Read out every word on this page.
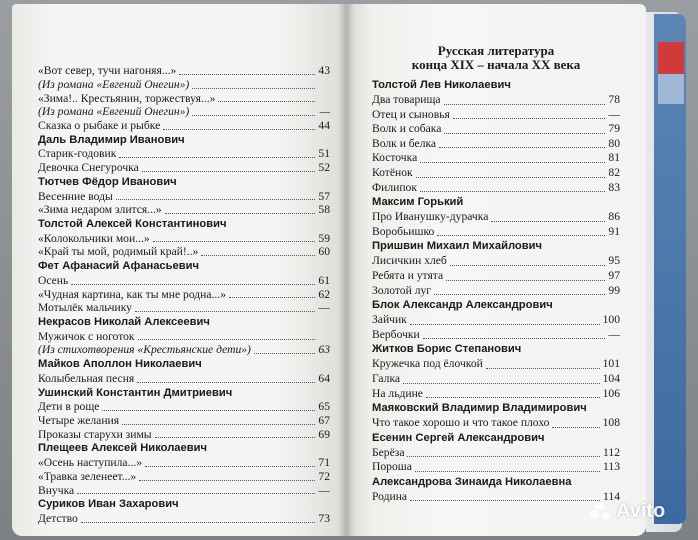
«Вот север, тучи нагоняя...»	43
(Из романа «Евгений Онегин»)
«Зима!.. Крестьянин, торжествуя...»
(Из романа «Евгений Онегин»)	—
Сказка о рыбаке и рыбке	44
Даль Владимир Иванович
Старик-годовик	51
Девочка Снегурочка	52
Тютчев Фёдор Иванович
Весенние воды	57
«Зима недаром злится...»	58
Толстой Алексей Константинович
«Колокольчики мои...»	59
«Край ты мой, родимый край!..»	60
Фет Афанасий Афанасьевич
Осень	61
«Чудная картина, как ты мне родна...»	62
Мотылёк мальчику	—
Некрасов Николай Алексеевич
Мужичок с ноготок
(Из стихотворения «Крестьянские дети»)	63
Майков Аполлон Николаевич
Колыбельная песня	64
Ушинский Константин Дмитриевич
Дети в роще	65
Четыре желания	67
Проказы старухи зимы	69
Плещеев Алексей Николаевич
«Осень наступила...»	71
«Травка зеленеет...»	72
Внучка	—
Суриков Иван Захарович
Детство	73
Русская литература
конца XIX – начала XX века
Толстой Лев Николаевич
Два товарища	78
Отец и сыновья	—
Волк и собака	79
Волк и белка	80
Косточка	81
Котёнок	82
Филипок	83
Максим Горький
Про Иванушку-дурачка	86
Воробьишко	91
Пришвин Михаил Михайлович
Лисичкин хлеб	95
Ребята и утята	97
Золотой луг	99
Блок Александр Александрович
Зайчик	100
Вербочки	—
Житков Борис Степанович
Кружечка под ёлочкой	101
Галка	104
На льдине	106
Маяковский Владимир Владимирович
Что такое хорошо и что такое плохо	108
Есенин Сергей Александрович
Берёза	112
Пороша	113
Александрова Зинаида Николаевна
Родина	114
Avito
